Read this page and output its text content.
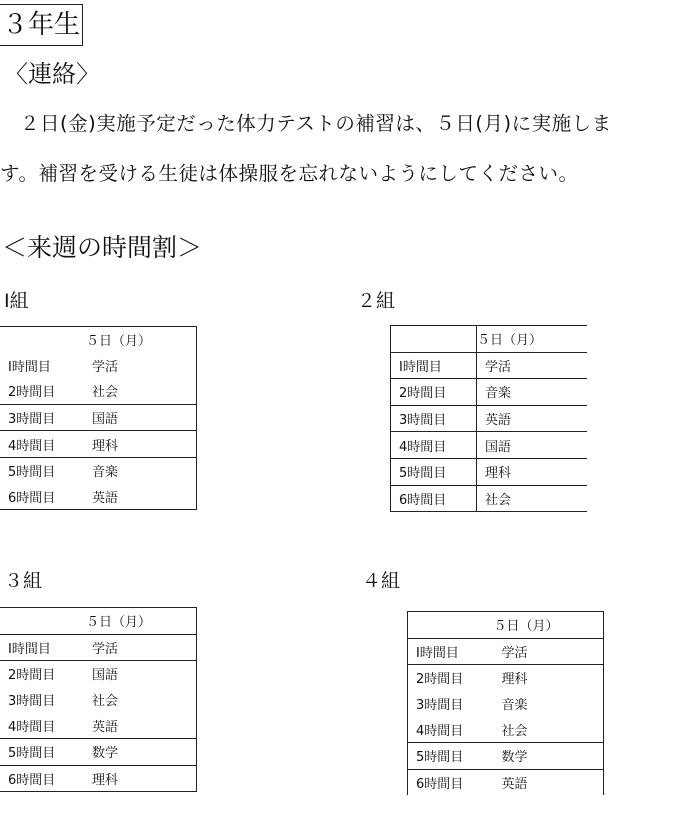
３年生
〈連絡〉
　２日(金)実施予定だった体力テストの補習は、５日(月)に実施しま
す。補習を受ける生徒は体操服を忘れないようにしてください。
＜来週の時間割＞
Ⅰ組
	５日（月）
Ⅰ時間目	学活
2時間目	社会
3時間目	国語
4時間目	理科
5時間目	音楽
6時間目	英語
２組
	５日（月）
Ⅰ時間目	学活
2時間目	音楽
3時間目	英語
4時間目	国語
5時間目	理科
6時間目	社会
３組
	５日（月）
Ⅰ時間目	学活
2時間目	国語
3時間目	社会
4時間目	英語
5時間目	数学
6時間目	理科
４組
	５日（月）
Ⅰ時間目	学活
2時間目	理科
3時間目	音楽
4時間目	社会
5時間目	数学
6時間目	英語
